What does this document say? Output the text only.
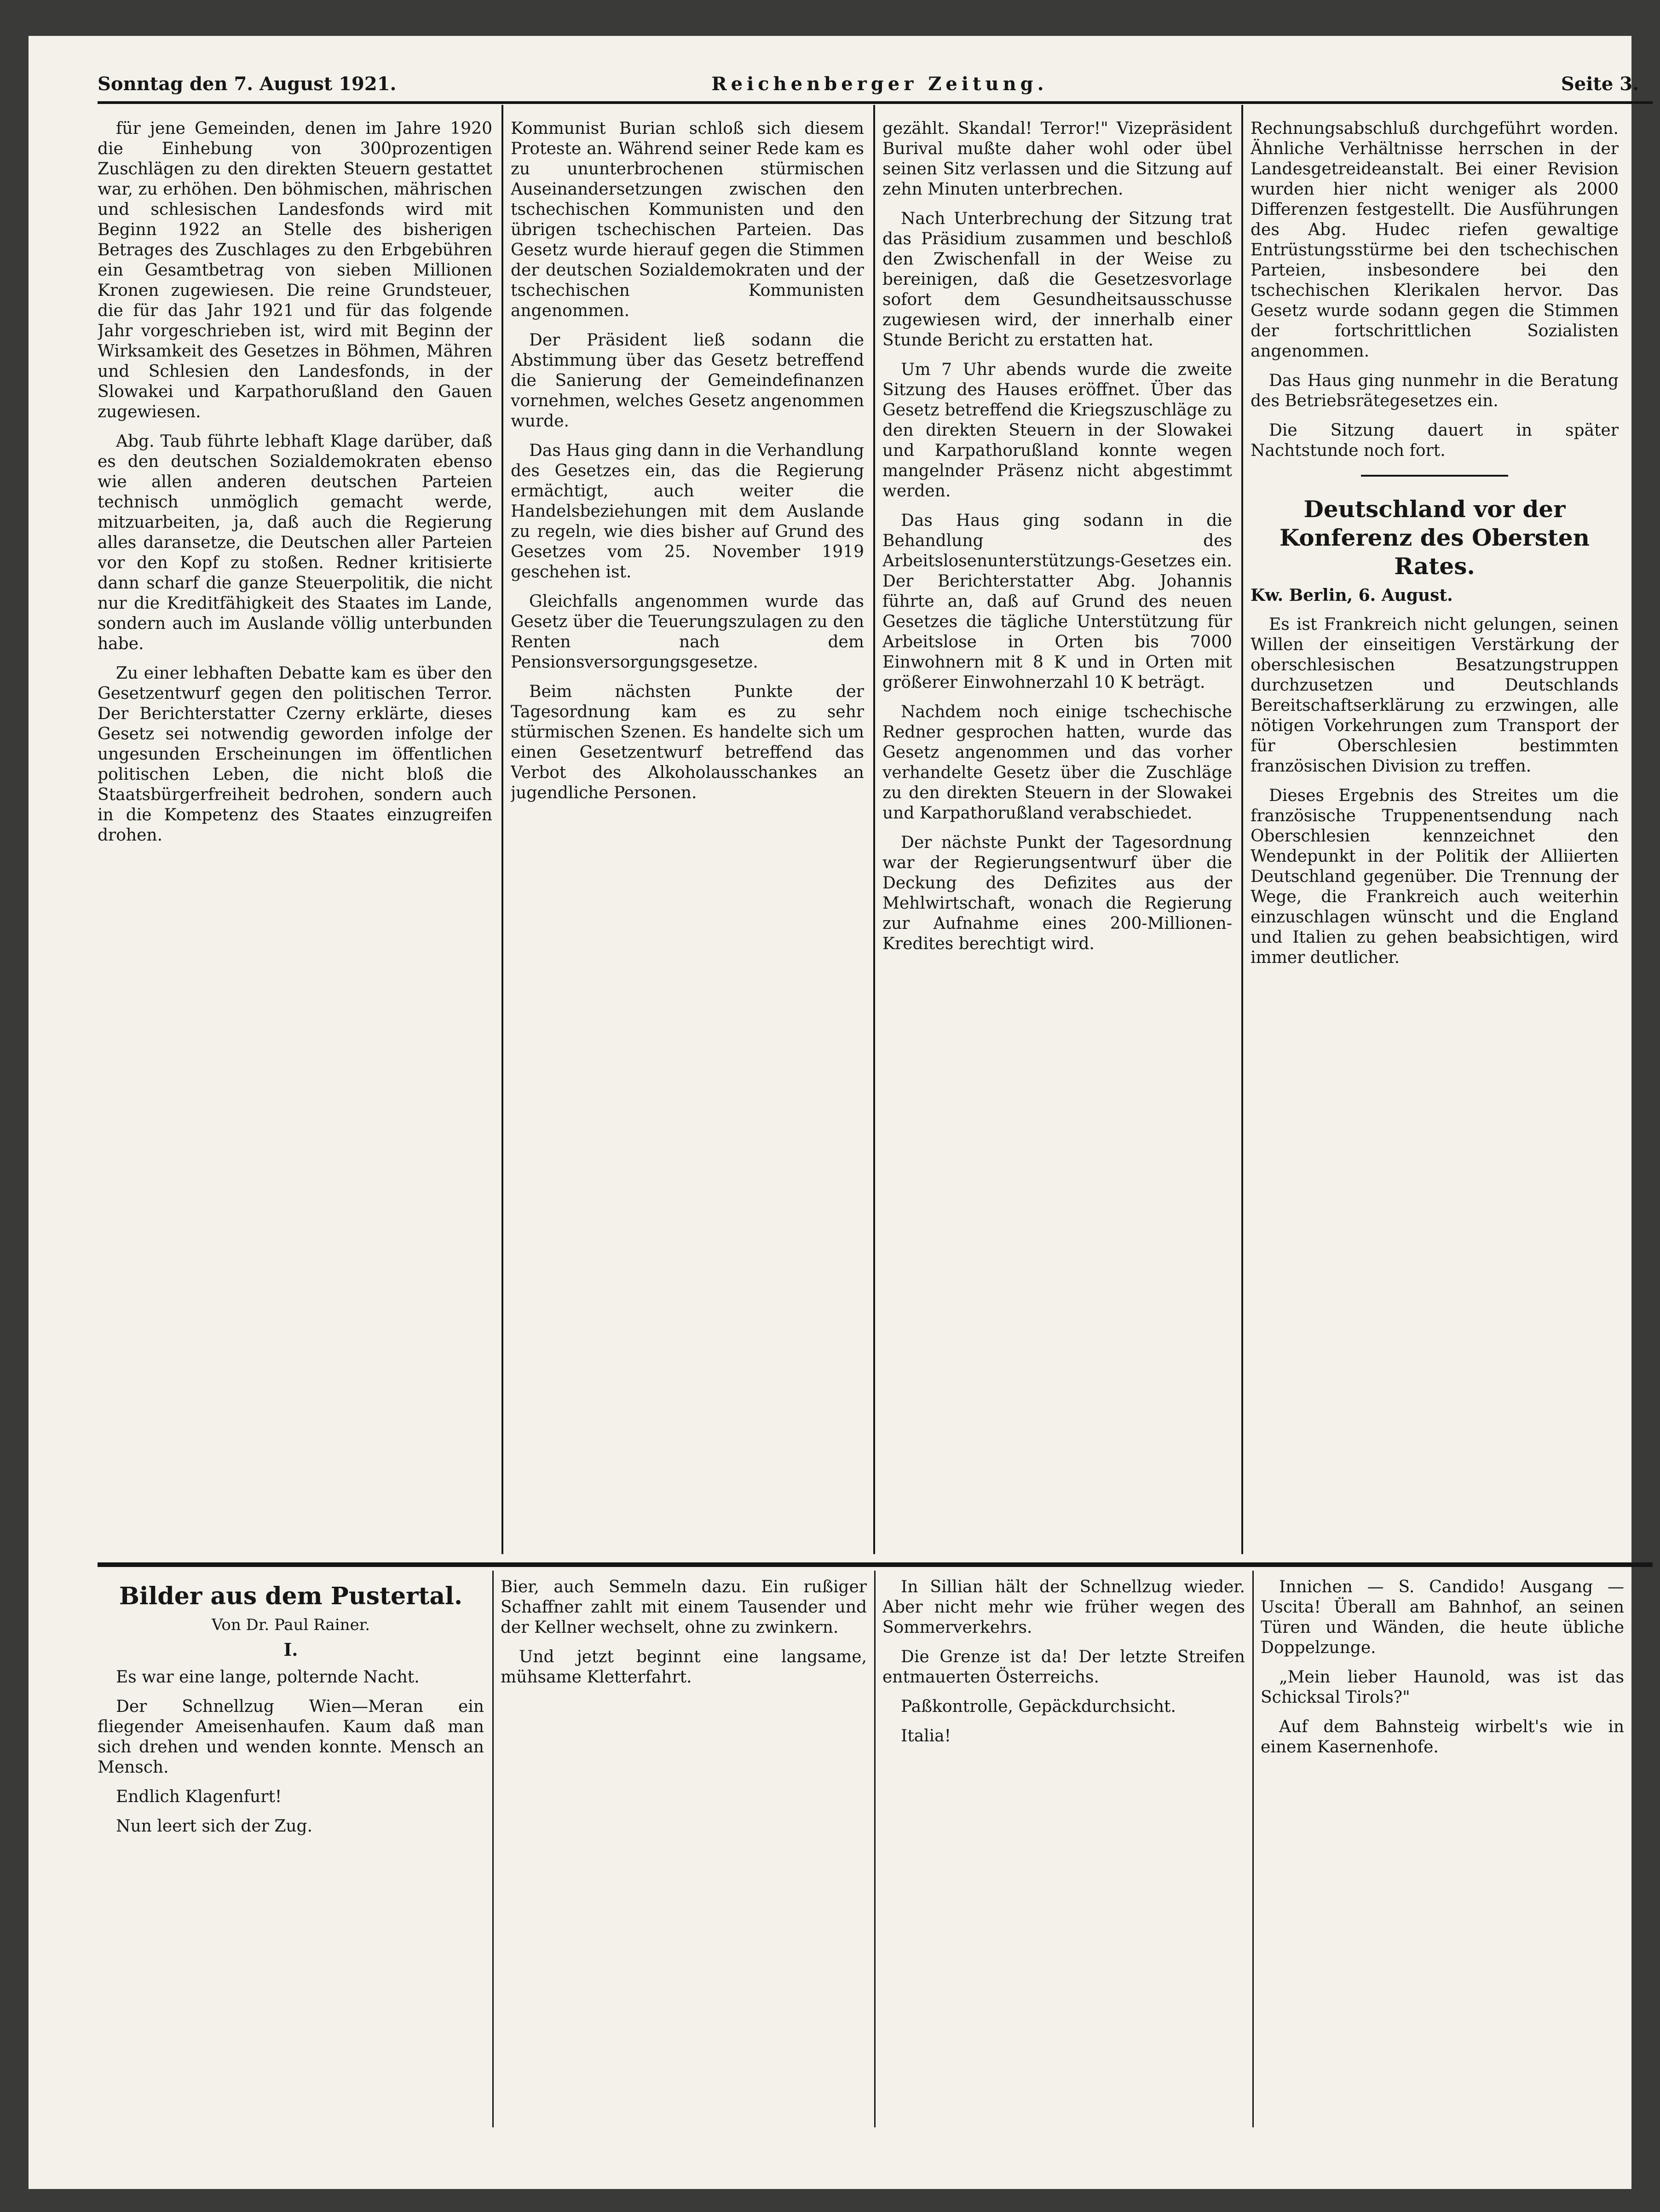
Sonntag den 7. August 1921.	Reichenberger Zeitung.	Seite 3.

für jene Gemeinden, denen im Jahre 1920 die Einhebung von 300prozentigen Zuschlägen zu den direkten Steuern gestattet war, zu erhöhen. Den böhmischen, mährischen und schlesischen Landesfonds wird mit Beginn 1922 an Stelle des bisherigen Betrages des Zuschlages zu den Erbgebühren ein Gesamtbetrag von sieben Millionen Kronen zugewiesen. Die reine Grundsteuer, die für das Jahr 1921 und für das folgende Jahr vorgeschrieben ist, wird mit Beginn der Wirksamkeit des Gesetzes in Böhmen, Mähren und Schlesien den Landesfonds, in der Slowakei und Karpathorußland den Gauen zugewiesen.

Abg. Taub führte lebhaft Klage darüber, daß es den deutschen Sozialdemokraten ebenso wie allen anderen deutschen Parteien technisch unmöglich gemacht werde, mitzuarbeiten, ja, daß auch die Regierung alles daransetze, die Deutschen aller Parteien vor den Kopf zu stoßen. Redner kritisierte dann scharf die ganze Steuerpolitik, die nicht nur die Kreditfähigkeit des Staates im Lande, sondern auch im Auslande völlig unterbunden habe.

Zu einer lebhaften Debatte kam es über den Gesetzentwurf gegen den politischen Terror. Der Berichterstatter Czerny erklärte, dieses Gesetz sei notwendig geworden infolge der ungesunden Erscheinungen im öffentlichen politischen Leben, die nicht bloß die Staatsbürgerfreiheit bedrohen, sondern auch in die Kompetenz des Staates einzugreifen drohen.

Kommunist Burian schloß sich diesem Proteste an. Während seiner Rede kam es zu ununterbrochenen stürmischen Auseinandersetzungen zwischen den tschechischen Kommunisten und den übrigen tschechischen Parteien. Das Gesetz wurde hierauf gegen die Stimmen der deutschen Sozialdemokraten und der tschechischen Kommunisten angenommen.

Der Präsident ließ sodann die Abstimmung über das Gesetz betreffend die Sanierung der Gemeindefinanzen vornehmen, welches Gesetz angenommen wurde.

Das Haus ging dann in die Verhandlung des Gesetzes ein, das die Regierung ermächtigt, auch weiter die Handelsbeziehungen mit dem Auslande zu regeln, wie dies bisher auf Grund des Gesetzes vom 25. November 1919 geschehen ist.

Gleichfalls angenommen wurde das Gesetz über die Teuerungszulagen zu den Renten nach dem Pensionsversorgungsgesetze.

Beim nächsten Punkte der Tagesordnung kam es zu sehr stürmischen Szenen. Es handelte sich um einen Gesetzentwurf betreffend das Verbot des Alkoholausschankes an jugendliche Personen.

gezählt. Skandal! Terror!" Vizepräsident Burival mußte daher wohl oder übel seinen Sitz verlassen und die Sitzung auf zehn Minuten unterbrechen.

Nach Unterbrechung der Sitzung trat das Präsidium zusammen und beschloß den Zwischenfall in der Weise zu bereinigen, daß die Gesetzesvorlage sofort dem Gesundheitsausschusse zugewiesen wird, der innerhalb einer Stunde Bericht zu erstatten hat.

Um 7 Uhr abends wurde die zweite Sitzung des Hauses eröffnet. Über das Gesetz betreffend die Kriegszuschläge zu den direkten Steuern in der Slowakei und Karpathorußland konnte wegen mangelnder Präsenz nicht abgestimmt werden.

Das Haus ging sodann in die Behandlung des Arbeitslosenunterstützungs-Gesetzes ein. Der Berichterstatter Abg. Johannis führte an, daß auf Grund des neuen Gesetzes die tägliche Unterstützung für Arbeitslose in Orten bis 7000 Einwohnern mit 8 K und in Orten mit größerer Einwohnerzahl 10 K beträgt.

Nachdem noch einige tschechische Redner gesprochen hatten, wurde das Gesetz angenommen und das vorher verhandelte Gesetz über die Zuschläge zu den direkten Steuern in der Slowakei und Karpathorußland verabschiedet.

Der nächste Punkt der Tagesordnung war der Regierungsentwurf über die Deckung des Defizites aus der Mehlwirtschaft, wonach die Regierung zur Aufnahme eines 200-Millionen-Kredites berechtigt wird.

Rechnungsabschluß durchgeführt worden. Ähnliche Verhältnisse herrschen in der Landesgetreideanstalt. Bei einer Revision wurden hier nicht weniger als 2000 Differenzen festgestellt. Die Ausführungen des Abg. Hudec riefen gewaltige Entrüstungsstürme bei den tschechischen Parteien, insbesondere bei den tschechischen Klerikalen hervor. Das Gesetz wurde sodann gegen die Stimmen der fortschrittlichen Sozialisten angenommen.

Das Haus ging nunmehr in die Beratung des Betriebsrätegesetzes ein.

Die Sitzung dauert in später Nachtstunde noch fort.

Deutschland vor der Konferenz des Obersten Rates.

Kw. Berlin, 6. August.

Es ist Frankreich nicht gelungen, seinen Willen der einseitigen Verstärkung der oberschlesischen Besatzungstruppen durchzusetzen und Deutschlands Bereitschaftserklärung zu erzwingen, alle nötigen Vorkehrungen zum Transport der für Oberschlesien bestimmten französischen Division zu treffen.

Dieses Ergebnis des Streites um die französische Truppenentsendung nach Oberschlesien kennzeichnet den Wendepunkt in der Politik der Alliierten Deutschland gegenüber. Die Trennung der Wege, die Frankreich auch weiterhin einzuschlagen wünscht und die England und Italien zu gehen beabsichtigen, wird immer deutlicher.

Bilder aus dem Pustertal.

Von Dr. Paul Rainer.

I.

Es war eine lange, polternde Nacht.

Der Schnellzug Wien—Meran ein fliegender Ameisenhaufen. Kaum daß man sich drehen und wenden konnte. Mensch an Mensch.

Endlich Klagenfurt!

Nun leert sich der Zug.

Bier, auch Semmeln dazu. Ein rußiger Schaffner zahlt mit einem Tausender und der Kellner wechselt, ohne zu zwinkern.

Und jetzt beginnt eine langsame, mühsame Kletterfahrt.

In Sillian hält der Schnellzug wieder. Aber nicht mehr wie früher wegen des Sommerverkehrs.

Die Grenze ist da! Der letzte Streifen entmauerten Österreichs.

Paßkontrolle, Gepäckdurchsicht.

Italia!

Innichen — S. Candido! Ausgang — Uscita! Überall am Bahnhof, an seinen Türen und Wänden, die heute übliche Doppelzunge.

„Mein lieber Haunold, was ist das Schicksal Tirols?"

Auf dem Bahnsteig wirbelt's wie in einem Kasernenhofe.
